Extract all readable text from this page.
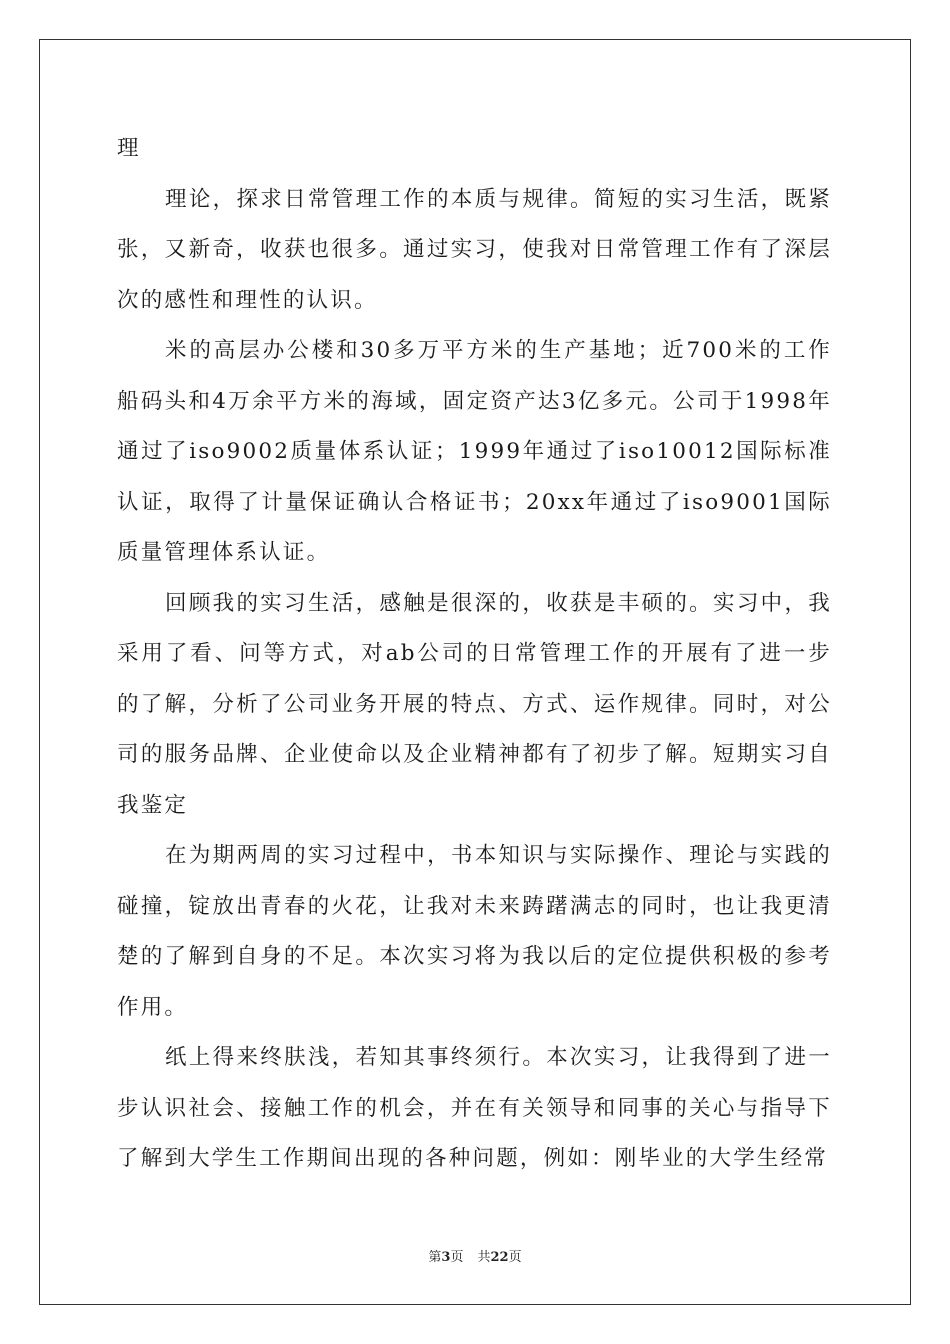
理

理论，探求日常管理工作的本质与规律。简短的实习生活，既紧张，又新奇，收获也很多。通过实习，使我对日常管理工作有了深层次的感性和理性的认识。

米的高层办公楼和30多万平方米的生产基地；近700米的工作船码头和4万余平方米的海域，固定资产达3亿多元。公司于1998年通过了iso9002质量体系认证；1999年通过了iso10012国际标准认证，取得了计量保证确认合格证书；20xx年通过了iso9001国际质量管理体系认证。

回顾我的实习生活，感触是很深的，收获是丰硕的。实习中，我采用了看、问等方式，对ab公司的日常管理工作的开展有了进一步的了解，分析了公司业务开展的特点、方式、运作规律。同时，对公司的服务品牌、企业使命以及企业精神都有了初步了解。短期实习自我鉴定

在为期两周的实习过程中，书本知识与实际操作、理论与实践的碰撞，锭放出青春的火花，让我对未来踌躇满志的同时，也让我更清楚的了解到自身的不足。本次实习将为我以后的定位提供积极的参考作用。

纸上得来终肤浅，若知其事终须行。本次实习，让我得到了进一步认识社会、接触工作的机会，并在有关领导和同事的关心与指导下了解到大学生工作期间出现的各种问题，例如：刚毕业的大学生经常

第3页 共22页
